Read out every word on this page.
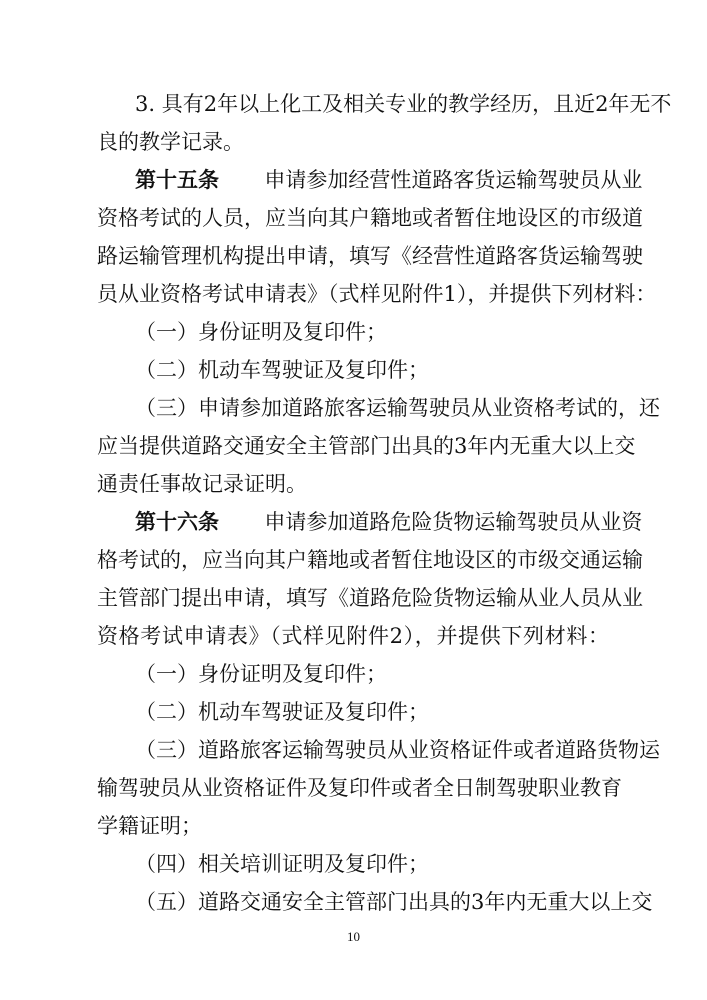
3. 具有2年以上化工及相关专业的教学经历，且近2年无不
良的教学记录。
第十五条 申请参加经营性道路客货运输驾驶员从业
资格考试的人员，应当向其户籍地或者暂住地设区的市级道
路运输管理机构提出申请，填写《经营性道路客货运输驾驶
员从业资格考试申请表》（式样见附件1），并提供下列材料：
（一）身份证明及复印件；
（二）机动车驾驶证及复印件；
（三）申请参加道路旅客运输驾驶员从业资格考试的，还
应当提供道路交通安全主管部门出具的3年内无重大以上交
通责任事故记录证明。
第十六条 申请参加道路危险货物运输驾驶员从业资
格考试的，应当向其户籍地或者暂住地设区的市级交通运输
主管部门提出申请，填写《道路危险货物运输从业人员从业
资格考试申请表》（式样见附件2），并提供下列材料：
（一）身份证明及复印件；
（二）机动车驾驶证及复印件；
（三）道路旅客运输驾驶员从业资格证件或者道路货物运
输驾驶员从业资格证件及复印件或者全日制驾驶职业教育
学籍证明；
（四）相关培训证明及复印件；
（五）道路交通安全主管部门出具的3年内无重大以上交
10
